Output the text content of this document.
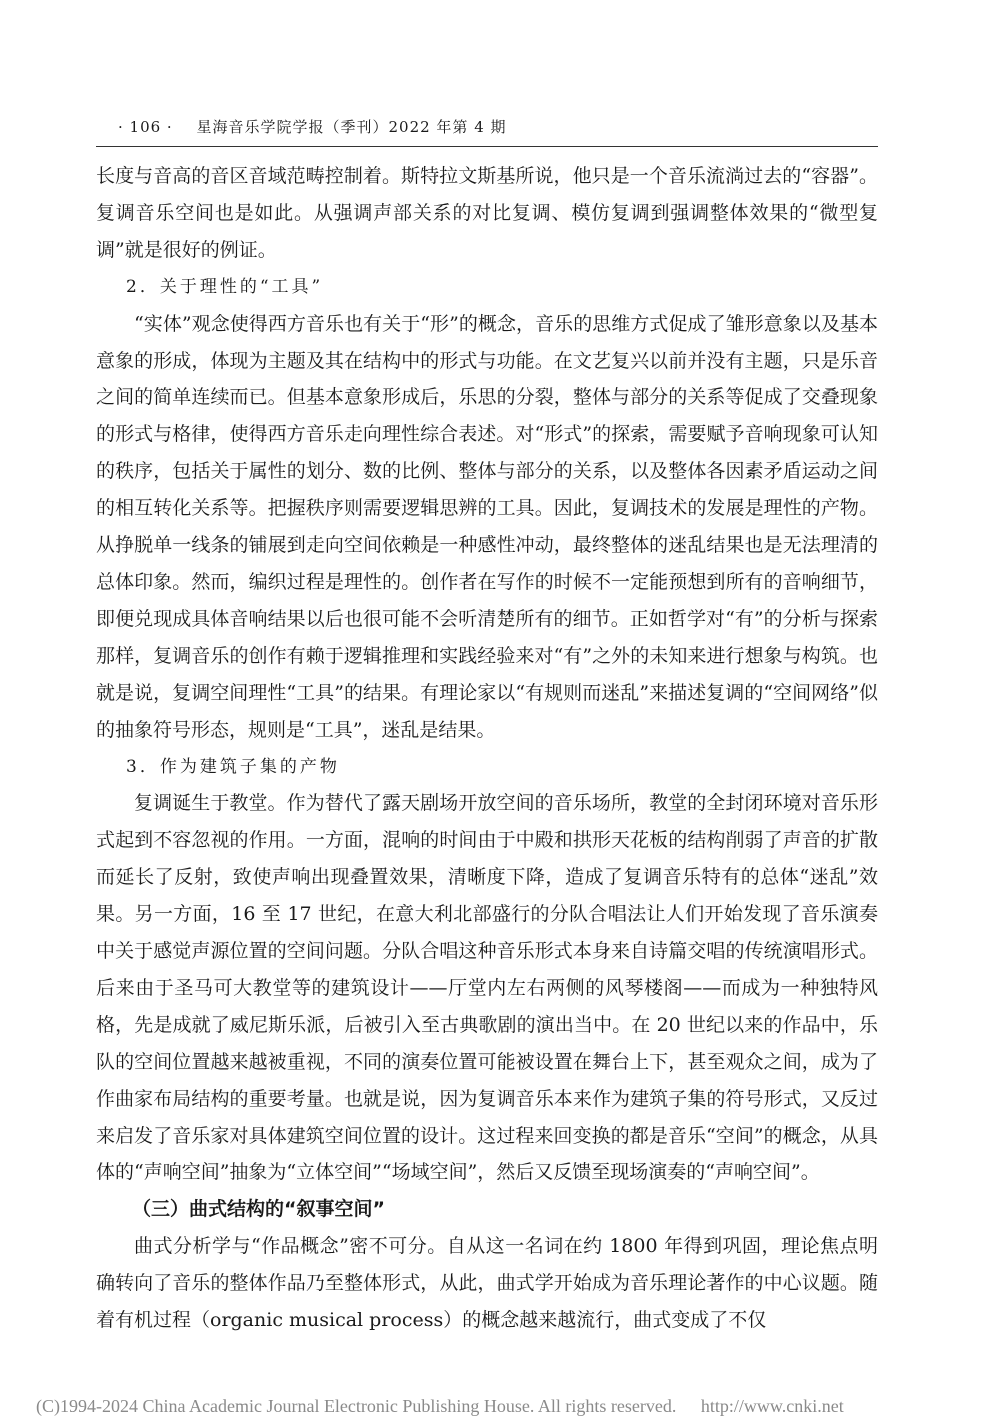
· 106 · 星海音乐学院学报（季刊）2022 年第 4 期

长度与音高的音区音域范畴控制着。斯特拉文斯基所说，他只是一个音乐流淌过去的“容器”。复调音乐空间也是如此。从强调声部关系的对比复调、模仿复调到强调整体效果的“微型复调”就是很好的例证。

2．关于理性的“工具”

“实体”观念使得西方音乐也有关于“形”的概念，音乐的思维方式促成了雏形意象以及基本意象的形成，体现为主题及其在结构中的形式与功能。在文艺复兴以前并没有主题，只是乐音之间的简单连续而已。但基本意象形成后，乐思的分裂，整体与部分的关系等促成了交叠现象的形式与格律，使得西方音乐走向理性综合表述。对“形式”的探索，需要赋予音响现象可认知的秩序，包括关于属性的划分、数的比例、整体与部分的关系，以及整体各因素矛盾运动之间的相互转化关系等。把握秩序则需要逻辑思辨的工具。因此，复调技术的发展是理性的产物。从挣脱单一线条的铺展到走向空间依赖是一种感性冲动，最终整体的迷乱结果也是无法理清的总体印象。然而，编织过程是理性的。创作者在写作的时候不一定能预想到所有的音响细节，即便兑现成具体音响结果以后也很可能不会听清楚所有的细节。正如哲学对“有”的分析与探索那样，复调音乐的创作有赖于逻辑推理和实践经验来对“有”之外的未知来进行想象与构筑。也就是说，复调空间理性“工具”的结果。有理论家以“有规则而迷乱”来描述复调的“空间网络”似的抽象符号形态，规则是“工具”，迷乱是结果。

3．作为建筑子集的产物

复调诞生于教堂。作为替代了露天剧场开放空间的音乐场所，教堂的全封闭环境对音乐形式起到不容忽视的作用。一方面，混响的时间由于中殿和拱形天花板的结构削弱了声音的扩散而延长了反射，致使声响出现叠置效果，清晰度下降，造成了复调音乐特有的总体“迷乱”效果。另一方面，16 至 17 世纪，在意大利北部盛行的分队合唱法让人们开始发现了音乐演奏中关于感觉声源位置的空间问题。分队合唱这种音乐形式本身来自诗篇交唱的传统演唱形式。后来由于圣马可大教堂等的建筑设计——厅堂内左右两侧的风琴楼阁——而成为一种独特风格，先是成就了威尼斯乐派，后被引入至古典歌剧的演出当中。在 20 世纪以来的作品中，乐队的空间位置越来越被重视，不同的演奏位置可能被设置在舞台上下，甚至观众之间，成为了作曲家布局结构的重要考量。也就是说，因为复调音乐本来作为建筑子集的符号形式，又反过来启发了音乐家对具体建筑空间位置的设计。这过程来回变换的都是音乐“空间”的概念，从具体的“声响空间”抽象为“立体空间”“场域空间”，然后又反馈至现场演奏的“声响空间”。

（三）曲式结构的“叙事空间”

曲式分析学与“作品概念”密不可分。自从这一名词在约 1800 年得到巩固，理论焦点明确转向了音乐的整体作品乃至整体形式，从此，曲式学开始成为音乐理论著作的中心议题。随着有机过程（organic musical process）的概念越来越流行，曲式变成了不仅

(C)1994-2024 China Academic Journal Electronic Publishing House. All rights reserved. http://www.cnki.net
